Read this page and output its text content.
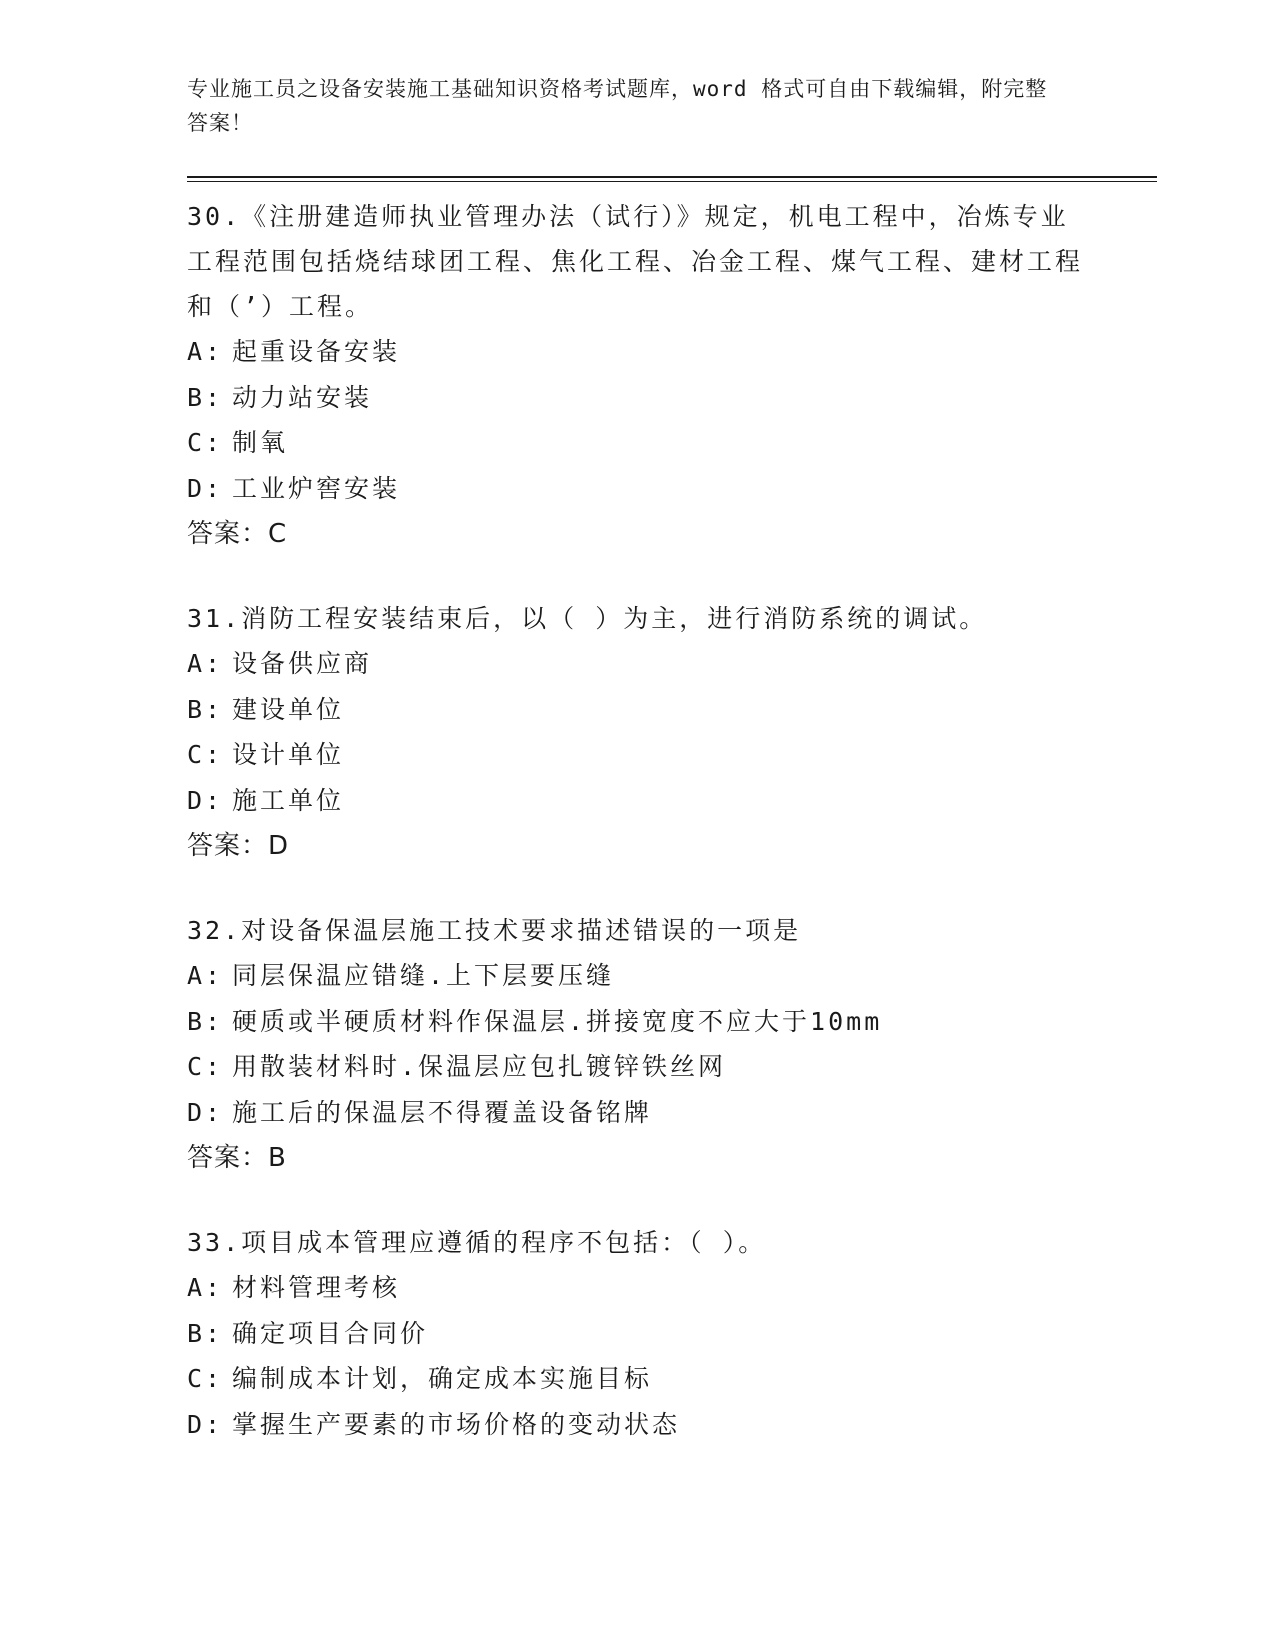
专业施工员之设备安装施工基础知识资格考试题库，word 格式可自由下载编辑，附完整答案！

30.《注册建造师执业管理办法（试行）》规定，机电工程中，冶炼专业工程范围包括烧结球团工程、焦化工程、冶金工程、煤气工程、建材工程和（’）工程。

A: 起重设备安装
B: 动力站安装
C: 制氧
D: 工业炉窖安装
答案：C

31.消防工程安装结束后，以（ ）为主，进行消防系统的调试。

A: 设备供应商
B: 建设单位
C: 设计单位
D: 施工单位
答案：D

32.对设备保温层施工技术要求描述错误的一项是

A: 同层保温应错缝.上下层要压缝
B: 硬质或半硬质材料作保温层.拼接宽度不应大于10mm
C: 用散装材料时.保温层应包扎镀锌铁丝网
D: 施工后的保温层不得覆盖设备铭牌
答案：B

33.项目成本管理应遵循的程序不包括：（ ）。

A: 材料管理考核
B: 确定项目合同价
C: 编制成本计划，确定成本实施目标
D: 掌握生产要素的市场价格的变动状态
